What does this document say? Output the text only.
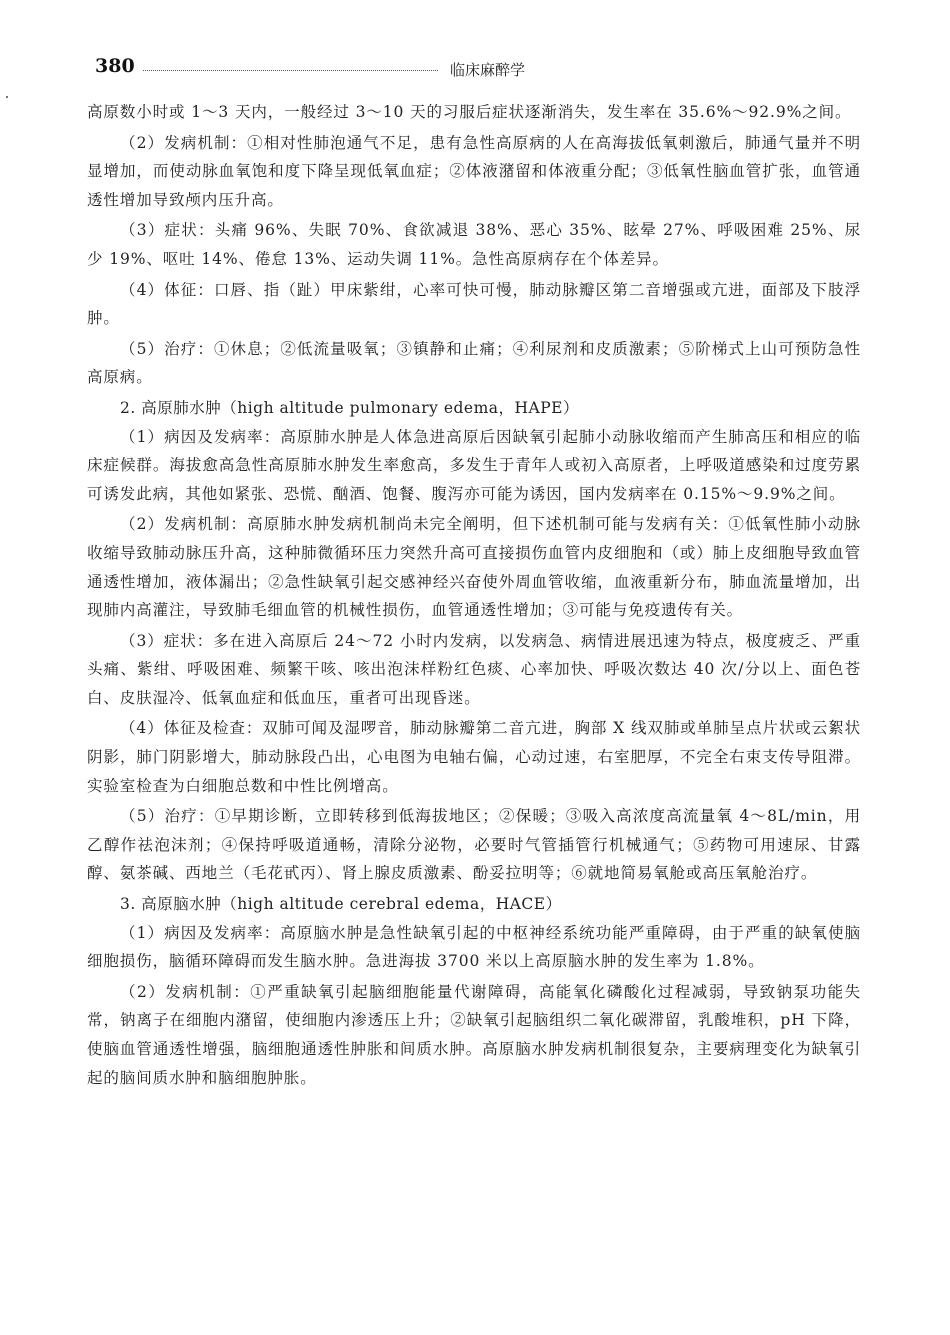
380	临床麻醉学

高原数小时或 1～3 天内，一般经过 3～10 天的习服后症状逐渐消失，发生率在 35.6%～92.9%之间。

（2）发病机制：①相对性肺泡通气不足，患有急性高原病的人在高海拔低氧刺激后，肺通气量并不明显增加，而使动脉血氧饱和度下降呈现低氧血症；②体液潴留和体液重分配；③低氧性脑血管扩张，血管通透性增加导致颅内压升高。

（3）症状：头痛 96%、失眠 70%、食欲减退 38%、恶心 35%、眩晕 27%、呼吸困难 25%、尿少 19%、呕吐 14%、倦怠 13%、运动失调 11%。急性高原病存在个体差异。

（4）体征：口唇、指（趾）甲床紫绀，心率可快可慢，肺动脉瓣区第二音增强或亢进，面部及下肢浮肿。

（5）治疗：①休息；②低流量吸氧；③镇静和止痛；④利尿剂和皮质激素；⑤阶梯式上山可预防急性高原病。

2. 高原肺水肿（high altitude pulmonary edema，HAPE）

（1）病因及发病率：高原肺水肿是人体急进高原后因缺氧引起肺小动脉收缩而产生肺高压和相应的临床症候群。海拔愈高急性高原肺水肿发生率愈高，多发生于青年人或初入高原者，上呼吸道感染和过度劳累可诱发此病，其他如紧张、恐慌、酗酒、饱餐、腹泻亦可能为诱因，国内发病率在 0.15%～9.9%之间。

（2）发病机制：高原肺水肿发病机制尚未完全阐明，但下述机制可能与发病有关：①低氧性肺小动脉收缩导致肺动脉压升高，这种肺微循环压力突然升高可直接损伤血管内皮细胞和（或）肺上皮细胞导致血管通透性增加，液体漏出；②急性缺氧引起交感神经兴奋使外周血管收缩，血液重新分布，肺血流量增加，出现肺内高灌注，导致肺毛细血管的机械性损伤，血管通透性增加；③可能与免疫遗传有关。

（3）症状：多在进入高原后 24～72 小时内发病，以发病急、病情进展迅速为特点，极度疲乏、严重头痛、紫绀、呼吸困难、频繁干咳、咳出泡沫样粉红色痰、心率加快、呼吸次数达 40 次/分以上、面色苍白、皮肤湿冷、低氧血症和低血压，重者可出现昏迷。

（4）体征及检查：双肺可闻及湿啰音，肺动脉瓣第二音亢进，胸部 X 线双肺或单肺呈点片状或云絮状阴影，肺门阴影增大，肺动脉段凸出，心电图为电轴右偏，心动过速，右室肥厚，不完全右束支传导阻滞。实验室检查为白细胞总数和中性比例增高。

（5）治疗：①早期诊断，立即转移到低海拔地区；②保暖；③吸入高浓度高流量氧 4～8L/min，用乙醇作祛泡沫剂；④保持呼吸道通畅，清除分泌物，必要时气管插管行机械通气；⑤药物可用速尿、甘露醇、氨茶碱、西地兰（毛花甙丙）、肾上腺皮质激素、酚妥拉明等；⑥就地简易氧舱或高压氧舱治疗。

3. 高原脑水肿（high altitude cerebral edema，HACE）

（1）病因及发病率：高原脑水肿是急性缺氧引起的中枢神经系统功能严重障碍，由于严重的缺氧使脑细胞损伤，脑循环障碍而发生脑水肿。急进海拔 3700 米以上高原脑水肿的发生率为 1.8%。

（2）发病机制：①严重缺氧引起脑细胞能量代谢障碍，高能氧化磷酸化过程减弱，导致钠泵功能失常，钠离子在细胞内潴留，使细胞内渗透压上升；②缺氧引起脑组织二氧化碳滞留，乳酸堆积，pH 下降，使脑血管通透性增强，脑细胞通透性肿胀和间质水肿。高原脑水肿发病机制很复杂，主要病理变化为缺氧引起的脑间质水肿和脑细胞肿胀。
